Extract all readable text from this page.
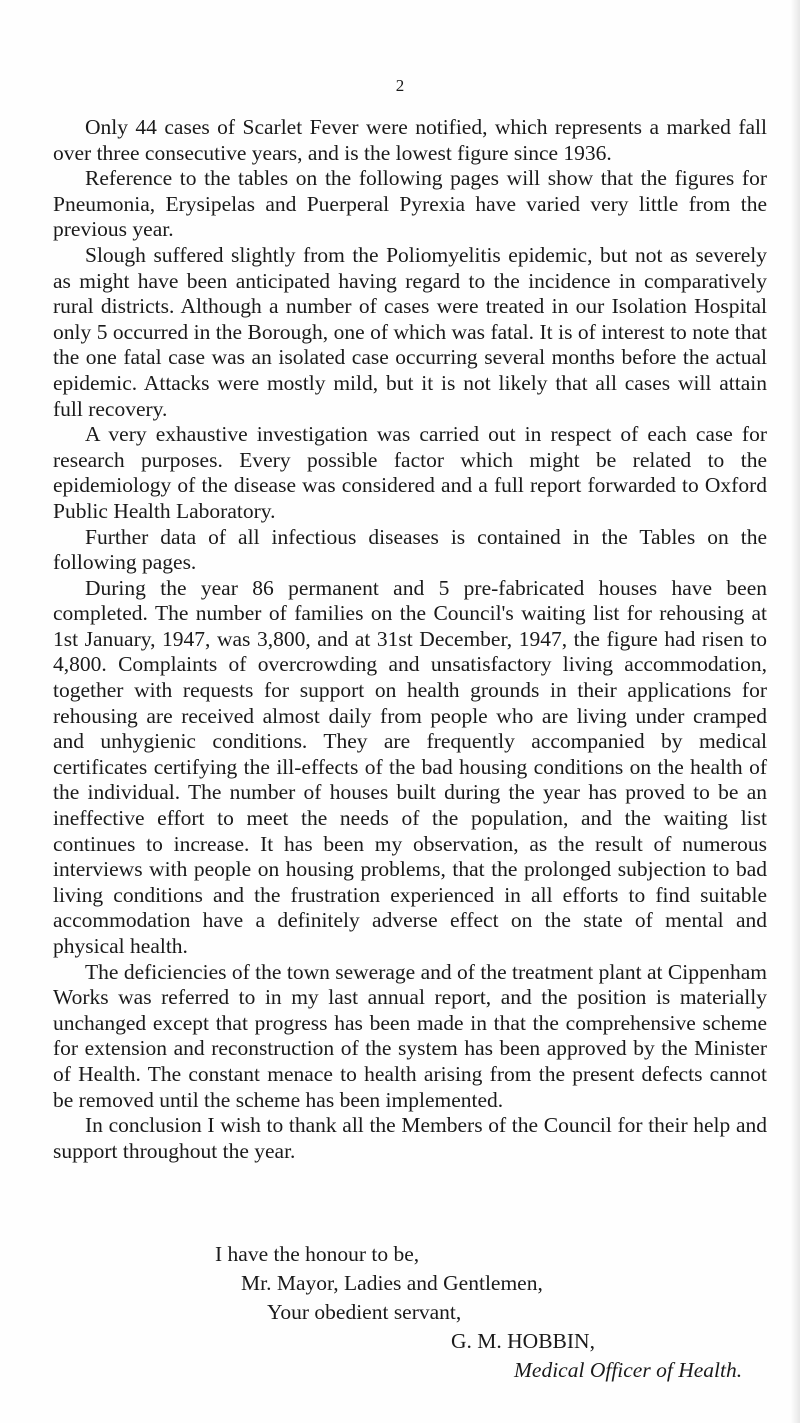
2

Only 44 cases of Scarlet Fever were notified, which represents a marked fall over three consecutive years, and is the lowest figure since 1936.

Reference to the tables on the following pages will show that the figures for Pneumonia, Erysipelas and Puerperal Pyrexia have varied very little from the previous year.

Slough suffered slightly from the Poliomyelitis epidemic, but not as severely as might have been anticipated having regard to the incidence in comparatively rural districts. Although a number of cases were treated in our Isolation Hospital only 5 occurred in the Borough, one of which was fatal. It is of interest to note that the one fatal case was an isolated case occurring several months before the actual epidemic. Attacks were mostly mild, but it is not likely that all cases will attain full recovery.

A very exhaustive investigation was carried out in respect of each case for research purposes. Every possible factor which might be related to the epidemiology of the disease was considered and a full report forwarded to Oxford Public Health Laboratory.

Further data of all infectious diseases is contained in the Tables on the following pages.

During the year 86 permanent and 5 pre-fabricated houses have been completed. The number of families on the Council's waiting list for rehousing at 1st January, 1947, was 3,800, and at 31st December, 1947, the figure had risen to 4,800. Complaints of overcrowding and unsatisfactory living accommodation, together with requests for support on health grounds in their applications for rehousing are received almost daily from people who are living under cramped and unhygienic conditions. They are frequently accompanied by medical certificates certifying the ill-effects of the bad housing conditions on the health of the individual. The number of houses built during the year has proved to be an ineffective effort to meet the needs of the population, and the waiting list continues to increase. It has been my observation, as the result of numerous interviews with people on housing problems, that the prolonged subjection to bad living conditions and the frustration experienced in all efforts to find suitable accommodation have a definitely adverse effect on the state of mental and physical health.

The deficiencies of the town sewerage and of the treatment plant at Cippenham Works was referred to in my last annual report, and the position is materially unchanged except that progress has been made in that the comprehensive scheme for extension and reconstruction of the system has been approved by the Minister of Health. The constant menace to health arising from the present defects cannot be removed until the scheme has been implemented.

In conclusion I wish to thank all the Members of the Council for their help and support throughout the year.

I have the honour to be,
Mr. Mayor, Ladies and Gentlemen,
Your obedient servant,
G. M. HOBBIN,
Medical Officer of Health.
